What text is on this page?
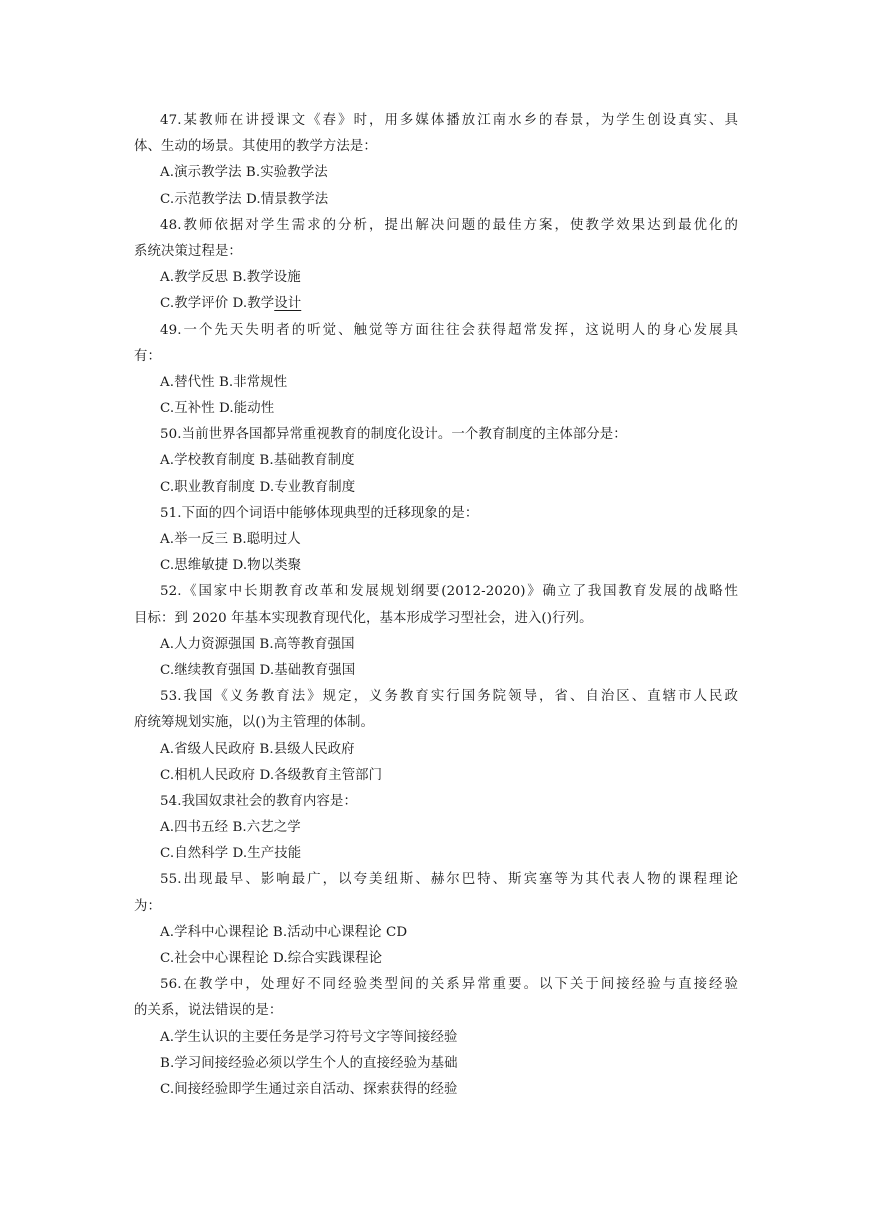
47.某教师在讲授课文《春》时，用多媒体播放江南水乡的春景，为学生创设真实、具
体、生动的场景。其使用的教学方法是：
A.演示教学法 B.实验教学法
C.示范教学法 D.情景教学法
48.教师依据对学生需求的分析，提出解决问题的最佳方案，使教学效果达到最优化的
系统决策过程是：
A.教学反思 B.教学设施
C.教学评价 D.教学设计
49.一个先天失明者的听觉、触觉等方面往往会获得超常发挥，这说明人的身心发展具
有：
A.替代性 B.非常规性
C.互补性 D.能动性
50.当前世界各国都异常重视教育的制度化设计。一个教育制度的主体部分是：
A.学校教育制度 B.基础教育制度
C.职业教育制度 D.专业教育制度
51.下面的四个词语中能够体现典型的迁移现象的是：
A.举一反三 B.聪明过人
C.思维敏捷 D.物以类聚
52.《国家中长期教育改革和发展规划纲要(2012-2020)》确立了我国教育发展的战略性
目标：到 2020 年基本实现教育现代化，基本形成学习型社会，进入()行列。
A.人力资源强国 B.高等教育强国
C.继续教育强国 D.基础教育强国
53.我国《义务教育法》规定，义务教育实行国务院领导，省、自治区、直辖市人民政
府统筹规划实施，以()为主管理的体制。
A.省级人民政府 B.县级人民政府
C.相机人民政府 D.各级教育主管部门
54.我国奴隶社会的教育内容是：
A.四书五经 B.六艺之学
C.自然科学 D.生产技能
55.出现最早、影响最广，以夸美纽斯、赫尔巴特、斯宾塞等为其代表人物的课程理论
为：
A.学科中心课程论 B.活动中心课程论 CD
C.社会中心课程论 D.综合实践课程论
56.在教学中，处理好不同经验类型间的关系异常重要。以下关于间接经验与直接经验
的关系，说法错误的是：
A.学生认识的主要任务是学习符号文字等间接经验
B.学习间接经验必须以学生个人的直接经验为基础
C.间接经验即学生通过亲自活动、探索获得的经验
